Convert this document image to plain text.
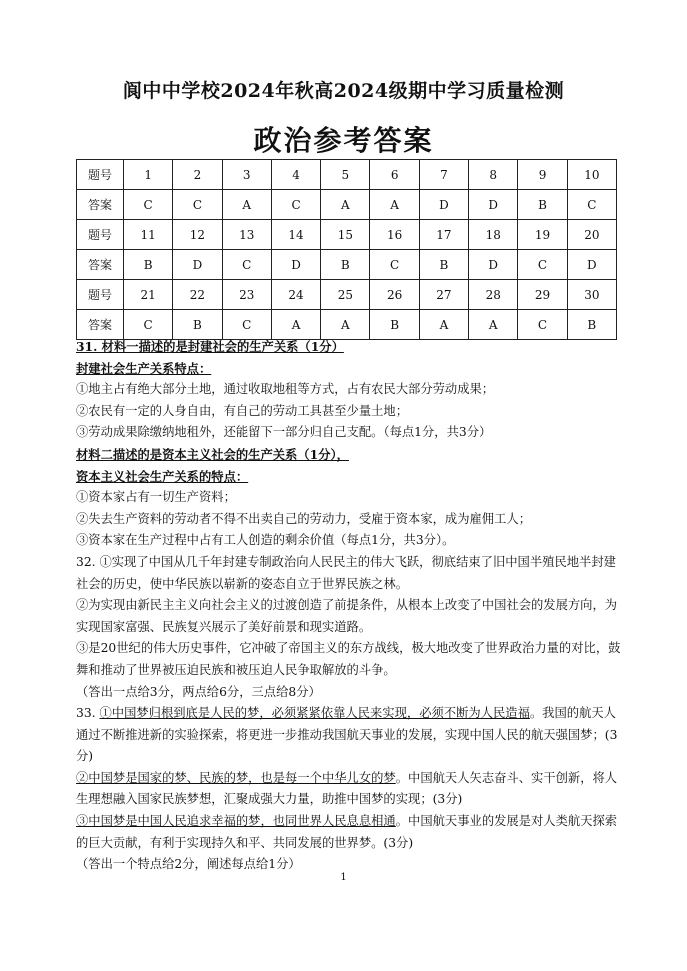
阆中中学校2024年秋高2024级期中学习质量检测
政治参考答案
题号	1	2	3	4	5	6	7	8	9	10
答案	C	C	A	C	A	A	D	D	B	C
题号	11	12	13	14	15	16	17	18	19	20
答案	B	D	C	D	B	C	B	D	C	D
题号	21	22	23	24	25	26	27	28	29	30
答案	C	B	C	A	A	B	A	A	C	B

31. 材料一描述的是封建社会的生产关系（1分）

封建社会生产关系特点：

①地主占有绝大部分土地，通过收取地租等方式，占有农民大部分劳动成果；

②农民有一定的人身自由，有自己的劳动工具甚至少量土地；

③劳动成果除缴纳地租外，还能留下一部分归自己支配。（每点1分，共3分）

材料二描述的是资本主义社会的生产关系（1分），

资本主义社会生产关系的特点：

①资本家占有一切生产资料；

②失去生产资料的劳动者不得不出卖自己的劳动力，受雇于资本家，成为雇佣工人；

③资本家在生产过程中占有工人创造的剩余价值（每点1分，共3分）。

32. ①实现了中国从几千年封建专制政治向人民民主的伟大飞跃，彻底结束了旧中国半殖民地半封建社会的历史，使中华民族以崭新的姿态自立于世界民族之林。

②为实现由新民主主义向社会主义的过渡创造了前提条件，从根本上改变了中国社会的发展方向，为实现国家富强、民族复兴展示了美好前景和现实道路。

③是20世纪的伟大历史事件，它冲破了帝国主义的东方战线，极大地改变了世界政治力量的对比，鼓舞和推动了世界被压迫民族和被压迫人民争取解放的斗争。

（答出一点给3分，两点给6分，三点给8分）

33. ①中国梦归根到底是人民的梦，必须紧紧依靠人民来实现，必须不断为人民造福。我国的航天人通过不断推进新的实验探索，将更进一步推动我国航天事业的发展，实现中国人民的航天强国梦；(3分)

②中国梦是国家的梦、民族的梦，也是每一个中华儿女的梦。中国航天人矢志奋斗、实干创新，将人生理想融入国家民族梦想，汇聚成强大力量，助推中国梦的实现；(3分)

③中国梦是中国人民追求幸福的梦，也同世界人民息息相通。中国航天事业的发展是对人类航天探索的巨大贡献，有利于实现持久和平、共同发展的世界梦。(3分)

（答出一个特点给2分，阐述每点给1分）

1
